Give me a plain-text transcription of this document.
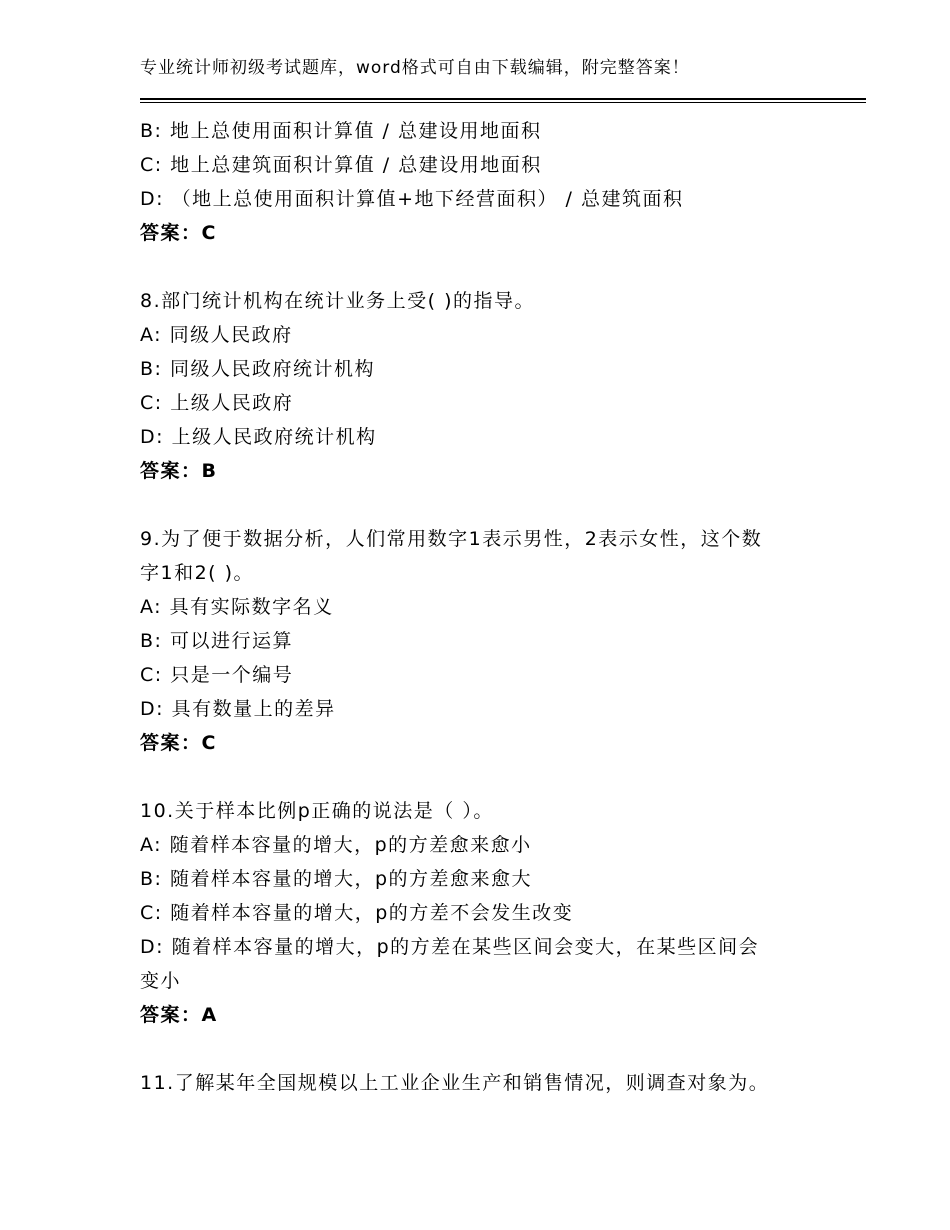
专业统计师初级考试题库，word格式可自由下载编辑，附完整答案！
B: 地上总使用面积计算值 / 总建设用地面积
C: 地上总建筑面积计算值 / 总建设用地面积
D: （地上总使用面积计算值+地下经营面积） / 总建筑面积
答案：C
8.部门统计机构在统计业务上受( )的指导。
A: 同级人民政府
B: 同级人民政府统计机构
C: 上级人民政府
D: 上级人民政府统计机构
答案：B
9.为了便于数据分析，人们常用数字1表示男性，2表示女性，这个数
字1和2( )。
A: 具有实际数字名义
B: 可以进行运算
C: 只是一个编号
D: 具有数量上的差异
答案：C
10.关于样本比例p正确的说法是（ ）。
A: 随着样本容量的增大，p的方差愈来愈小
B: 随着样本容量的增大，p的方差愈来愈大
C: 随着样本容量的增大，p的方差不会发生改变
D: 随着样本容量的增大，p的方差在某些区间会变大，在某些区间会
变小
答案：A
11.了解某年全国规模以上工业企业生产和销售情况，则调查对象为。
